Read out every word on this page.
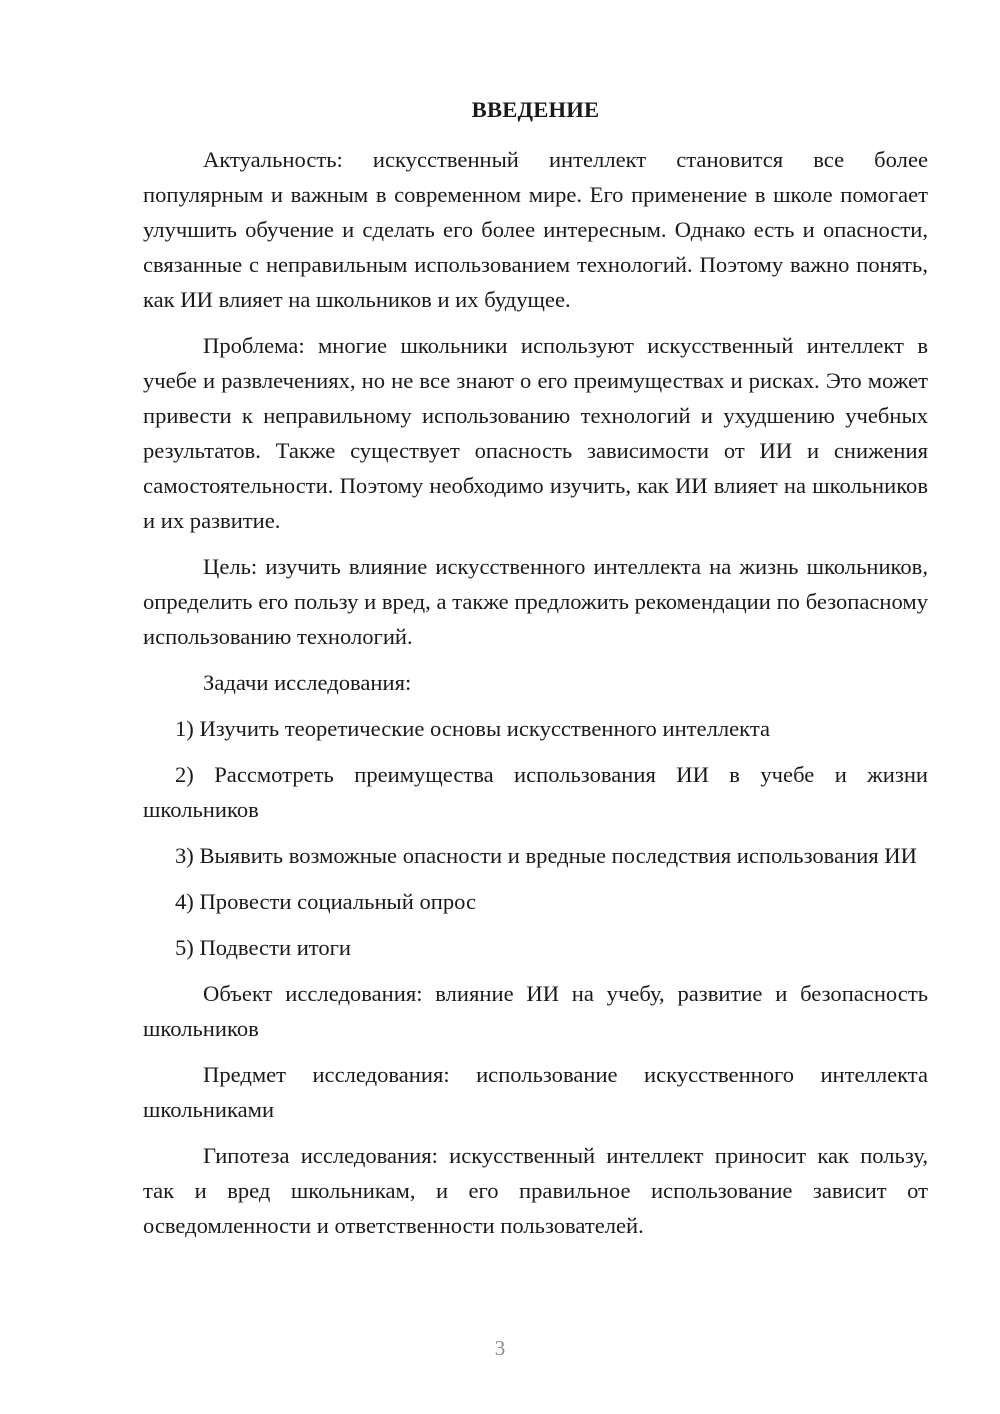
ВВЕДЕНИЕ

Актуальность: искусственный интеллект становится все более популярным и важным в современном мире. Его применение в школе помогает улучшить обучение и сделать его более интересным. Однако есть и опасности, связанные с неправильным использованием технологий. Поэтому важно понять, как ИИ влияет на школьников и их будущее.

Проблема: многие школьники используют искусственный интеллект в учебе и развлечениях, но не все знают о его преимуществах и рисках. Это может привести к неправильному использованию технологий и ухудшению учебных результатов. Также существует опасность зависимости от ИИ и снижения самостоятельности. Поэтому необходимо изучить, как ИИ влияет на школьников и их развитие.

Цель: изучить влияние искусственного интеллекта на жизнь школьников, определить его пользу и вред, а также предложить рекомендации по безопасному использованию технологий.

Задачи исследования:

1) Изучить теоретические основы искусственного интеллекта

2) Рассмотреть преимущества использования ИИ в учебе и жизни школьников

3) Выявить возможные опасности и вредные последствия использования ИИ

4) Провести социальный опрос

5) Подвести итоги

Объект исследования: влияние ИИ на учебу, развитие и безопасность школьников

Предмет исследования: использование искусственного интеллекта школьниками

Гипотеза исследования: искусственный интеллект приносит как пользу, так и вред школьникам, и его правильное использование зависит от осведомленности и ответственности пользователей.

3
